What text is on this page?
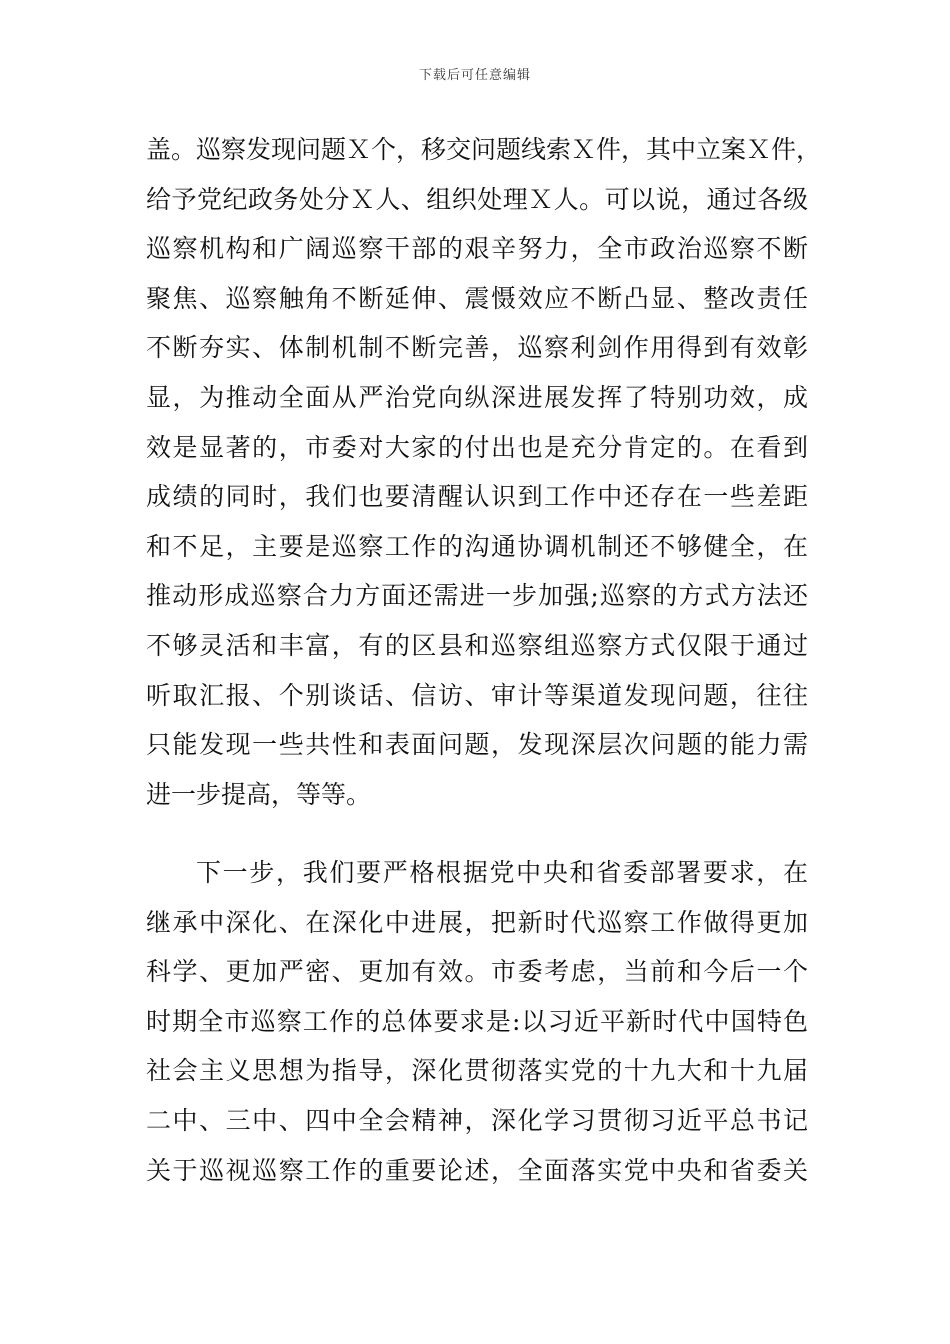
下载后可任意编辑
盖。巡察发现问题Ｘ个，移交问题线索Ｘ件，其中立案Ｘ件，
给予党纪政务处分Ｘ人、组织处理Ｘ人。可以说，通过各级
巡察机构和广阔巡察干部的艰辛努力，全市政治巡察不断
聚焦、巡察触角不断延伸、震慑效应不断凸显、整改责任
不断夯实、体制机制不断完善，巡察利剑作用得到有效彰
显，为推动全面从严治党向纵深进展发挥了特别功效，成
效是显著的，市委对大家的付出也是充分肯定的。在看到
成绩的同时，我们也要清醒认识到工作中还存在一些差距
和不足，主要是巡察工作的沟通协调机制还不够健全，在
推动形成巡察合力方面还需进一步加强;巡察的方式方法还
不够灵活和丰富，有的区县和巡察组巡察方式仅限于通过
听取汇报、个别谈话、信访、审计等渠道发现问题，往往
只能发现一些共性和表面问题，发现深层次问题的能力需
进一步提高，等等。
下一步，我们要严格根据党中央和省委部署要求，在
继承中深化、在深化中进展，把新时代巡察工作做得更加
科学、更加严密、更加有效。市委考虑，当前和今后一个
时期全市巡察工作的总体要求是:以习近平新时代中国特色
社会主义思想为指导，深化贯彻落实党的十九大和十九届
二中、三中、四中全会精神，深化学习贯彻习近平总书记
关于巡视巡察工作的重要论述，全面落实党中央和省委关
